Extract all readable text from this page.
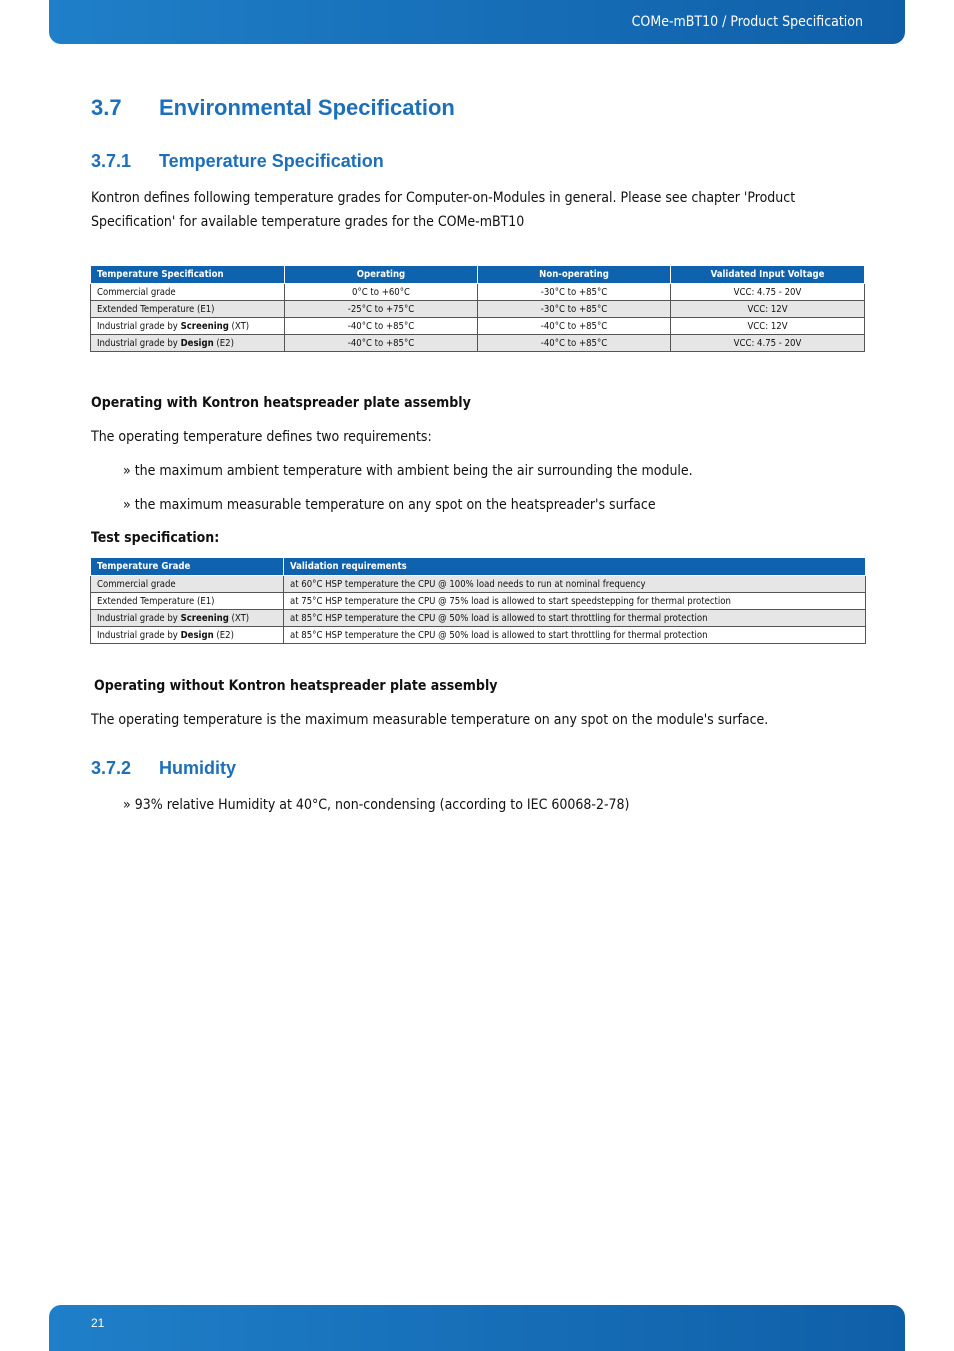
COMe-mBT10 / Product Specification
3.7 Environmental Specification
3.7.1 Temperature Specification

Kontron defines following temperature grades for Computer-on-Modules in general. Please see chapter 'Product
Specification' for available temperature grades for the COMe-mBT10

Temperature Specification	Operating	Non-operating	Validated Input Voltage
Commercial grade	0°C to +60°C	-30°C to +85°C	VCC: 4.75 - 20V
Extended Temperature (E1)	-25°C to +75°C	-30°C to +85°C	VCC: 12V
Industrial grade by Screening (XT)	-40°C to +85°C	-40°C to +85°C	VCC: 12V
Industrial grade by Design (E2)	-40°C to +85°C	-40°C to +85°C	VCC: 4.75 - 20V

Operating with Kontron heatspreader plate assembly

The operating temperature defines two requirements:

» the maximum ambient temperature with ambient being the air surrounding the module.

» the maximum measurable temperature on any spot on the heatspreader's surface

Test specification:

Temperature Grade	Validation requirements
Commercial grade	at 60°C HSP temperature the CPU @ 100% load needs to run at nominal frequency
Extended Temperature (E1)	at 75°C HSP temperature the CPU @ 75% load is allowed to start speedstepping for thermal protection
Industrial grade by Screening (XT)	at 85°C HSP temperature the CPU @ 50% load is allowed to start throttling for thermal protection
Industrial grade by Design (E2)	at 85°C HSP temperature the CPU @ 50% load is allowed to start throttling for thermal protection

Operating without Kontron heatspreader plate assembly

The operating temperature is the maximum measurable temperature on any spot on the module's surface.

3.7.2 Humidity

» 93% relative Humidity at 40°C, non-condensing (according to IEC 60068-2-78)

21
